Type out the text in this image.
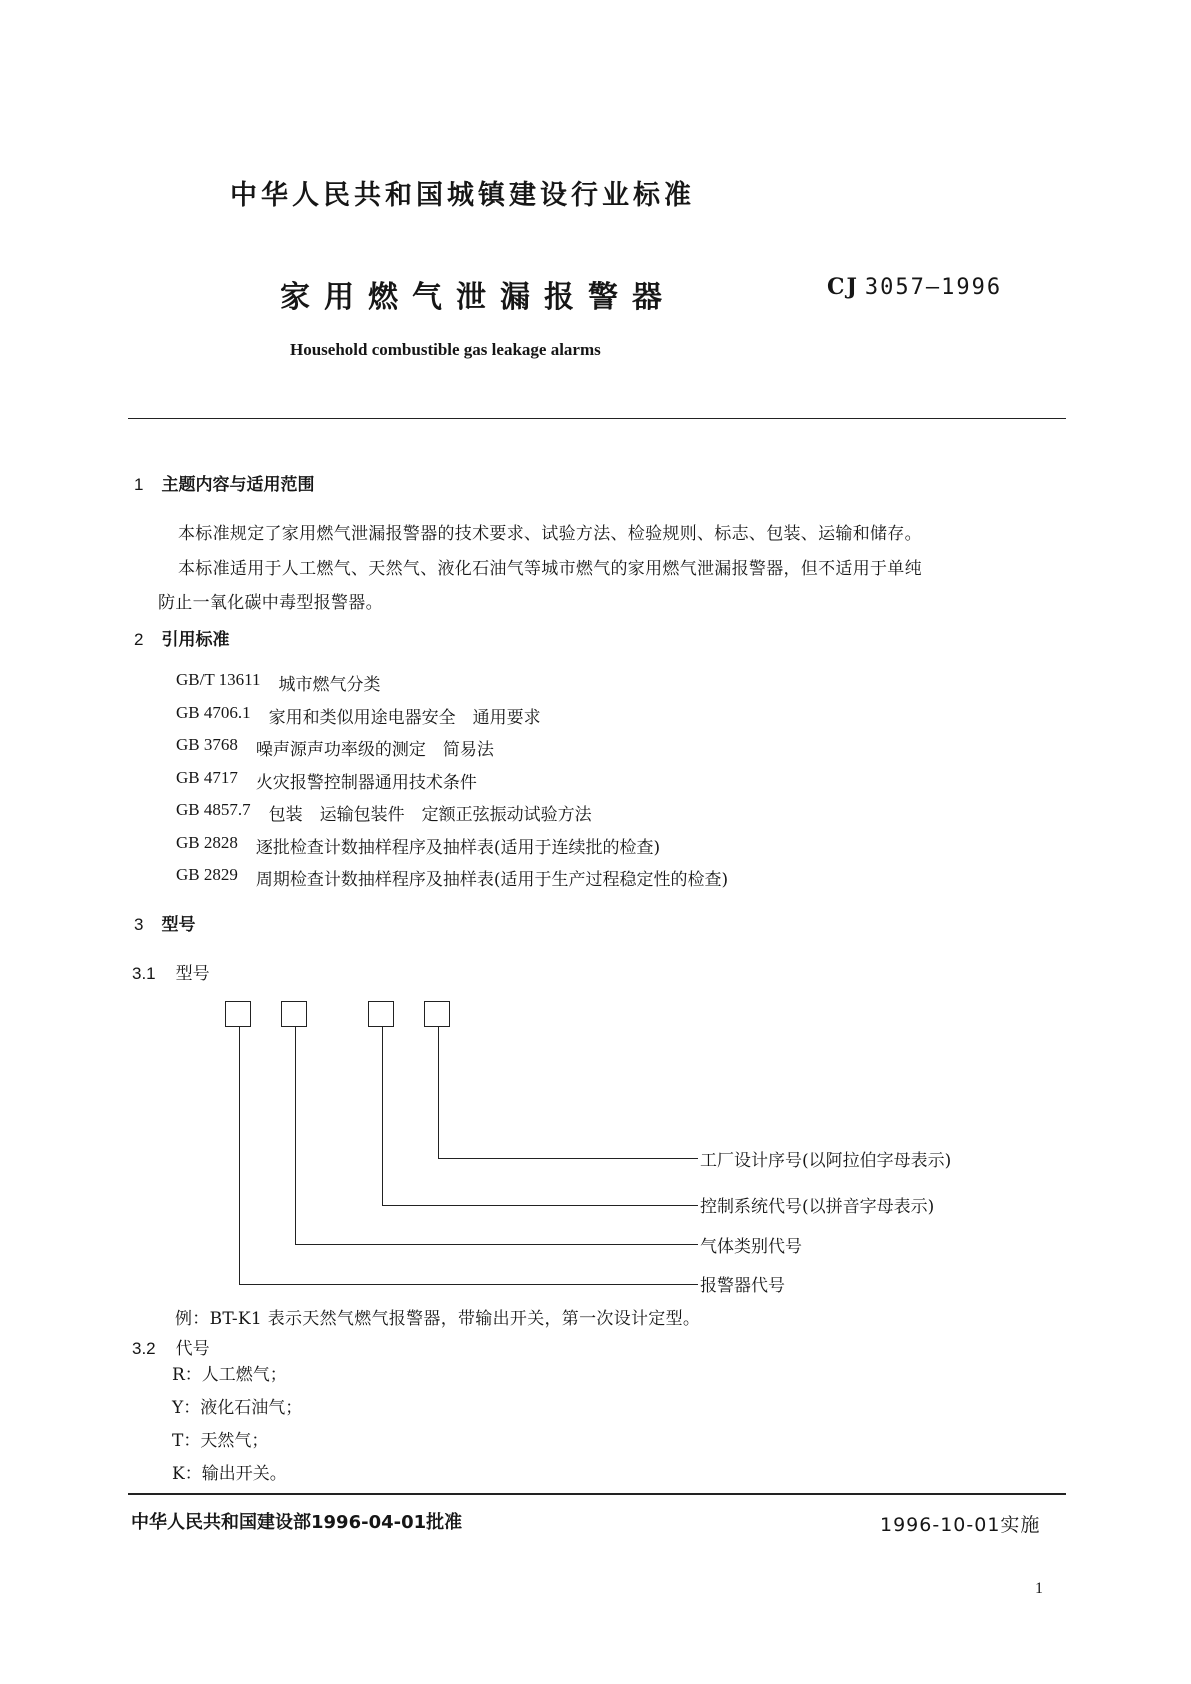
中华人民共和国城镇建设行业标准
家用燃气泄漏报警器	CJ 3057—1996
Household combustible gas leakage alarms
1 主题内容与适用范围
本标准规定了家用燃气泄漏报警器的技术要求、试验方法、检验规则、标志、包装、运输和储存。
本标准适用于人工燃气、天然气、液化石油气等城市燃气的家用燃气泄漏报警器，但不适用于单纯
防止一氧化碳中毒型报警器。
2 引用标准
GB/T 13611 城市燃气分类
GB 4706.1 家用和类似用途电器安全　通用要求
GB 3768 噪声源声功率级的测定　简易法
GB 4717 火灾报警控制器通用技术条件
GB 4857.7 包装　运输包装件　定额正弦振动试验方法
GB 2828 逐批检查计数抽样程序及抽样表(适用于连续批的检查)
GB 2829 周期检查计数抽样程序及抽样表(适用于生产过程稳定性的检查)
3 型号
3.1 型号
工厂设计序号(以阿拉伯字母表示)
控制系统代号(以拼音字母表示)
气体类别代号
报警器代号
例：BT-K1 表示天然气燃气报警器，带输出开关，第一次设计定型。
3.2 代号
R：人工燃气；
Y：液化石油气；
T：天然气；
K：输出开关。
中华人民共和国建设部1996-04-01批准	1996-10-01实施
1
